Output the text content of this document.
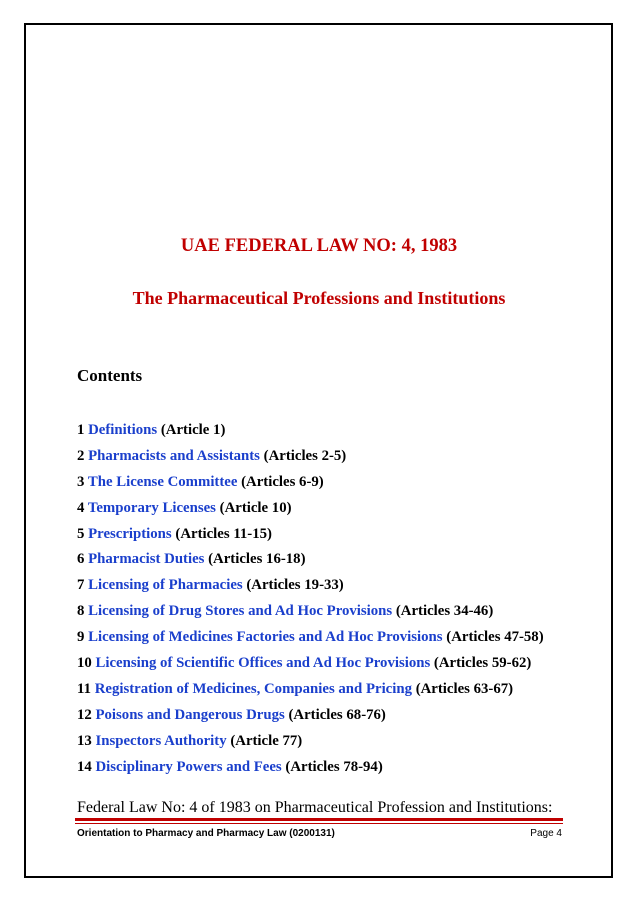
UAE FEDERAL LAW NO: 4, 1983
The Pharmaceutical Professions and Institutions
Contents
1 Definitions (Article 1)
2 Pharmacists and Assistants (Articles 2-5)
3 The License Committee (Articles 6-9)
4 Temporary Licenses (Article 10)
5 Prescriptions (Articles 11-15)
6 Pharmacist Duties (Articles 16-18)
7 Licensing of Pharmacies (Articles 19-33)
8 Licensing of Drug Stores and Ad Hoc Provisions (Articles 34-46)
9 Licensing of Medicines Factories and Ad Hoc Provisions (Articles 47-58)
10 Licensing of Scientific Offices and Ad Hoc Provisions (Articles 59-62)
11 Registration of Medicines, Companies and Pricing (Articles 63-67)
12 Poisons and Dangerous Drugs (Articles 68-76)
13 Inspectors Authority (Article 77)
14 Disciplinary Powers and Fees (Articles 78-94)
Federal Law No: 4 of 1983 on Pharmaceutical Profession and Institutions:
Orientation to Pharmacy and Pharmacy Law (0200131)	Page 4
